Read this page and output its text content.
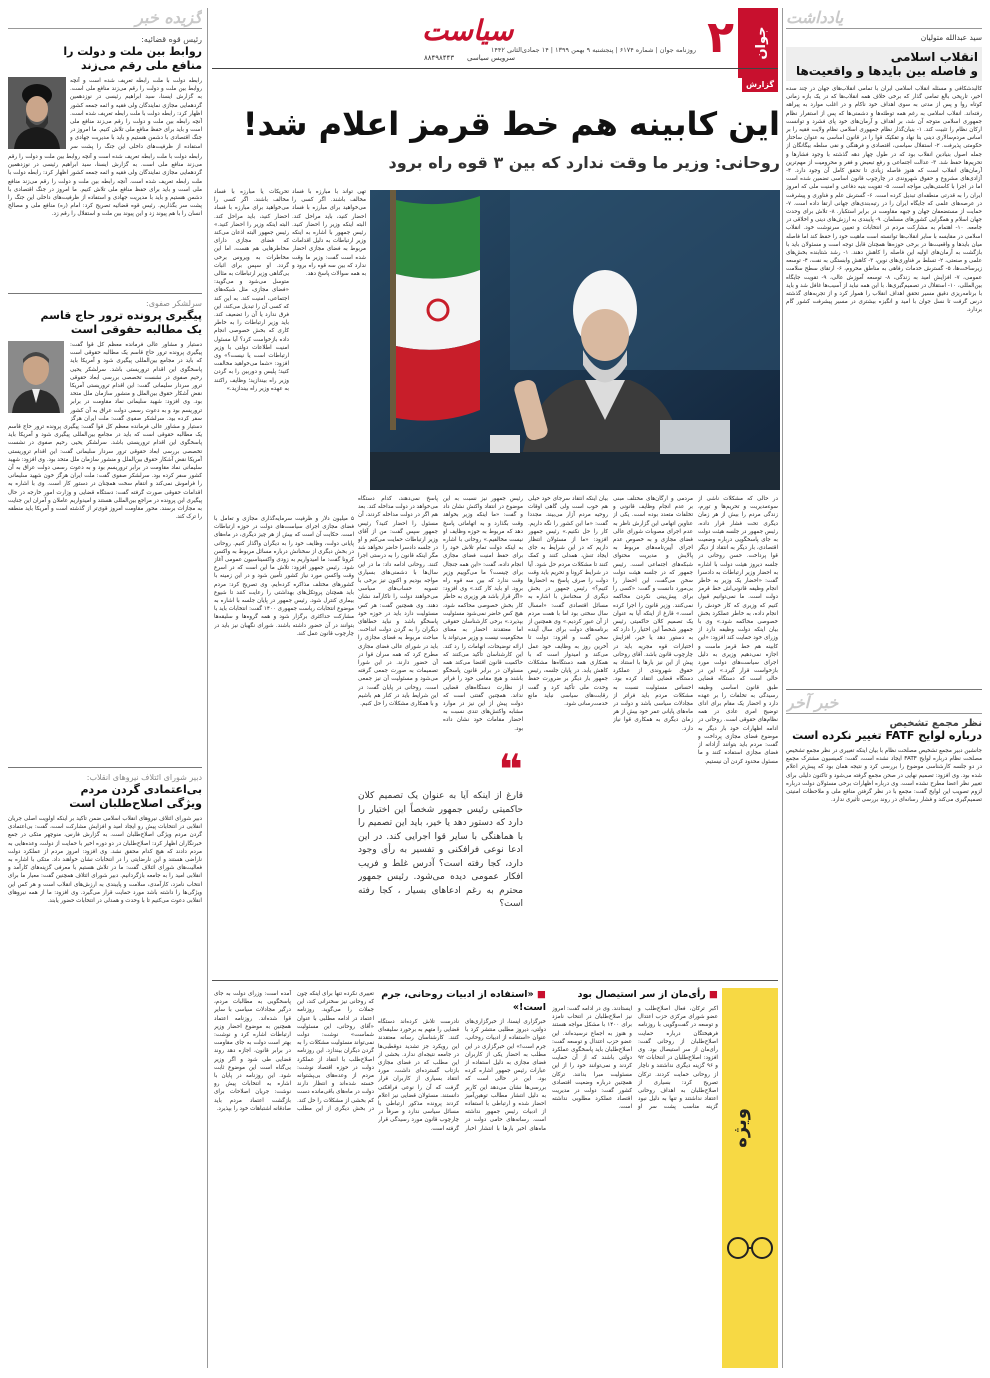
یادداشت
سید عبدالله متولیان
انقلاب اسلامی
و فاصله بین بایدها و واقعیت‌ها
کالبدشکافی و مسئله انقلاب اسلامی ایران با تمامی انقلاب‌های جهان در چند سده اخیر، تاریخی بالغ تمامی گذار که برخی خلاف همه انقلاب‌ها که در یک بازه زمانی کوتاه روا و پس از مدتی به سوی اهداف خود ناکام و در اغلب موارد به پیراهه رفته‌اند. انقلاب اسلامی به رغم همه توطئه‌ها و دشمنی‌ها که پس از استقرار نظام جمهوری اسلامی متوجه آن شد، بر اهداف و آرمان‌های خود پای فشرد و توانست ارکان نظام را تثبیت کند. ۱- بنیان‌گذار نظام جمهوری اسلامی نظام ولایت فقیه را بر اساس مردم‌سالاری دینی بنا نهاد و تفکیک قوا را در قانون اساسی به عنوان ساختار حکومتی پذیرفت. ۲- استقلال سیاسی، اقتصادی و فرهنگی و نفی سلطه بیگانگان از جمله اصول بنیادین انقلاب بود که در طول چهار دهه گذشته با وجود فشارها و تحریم‌ها حفظ شد. ۳- عدالت اجتماعی و رفع تبعیض و فقر و محرومیت از مهم‌ترین آرمان‌های انقلاب است که هنوز فاصله زیادی تا تحقق کامل آن وجود دارد. ۴- آزادی‌های مشروع و حقوق شهروندی در چارچوب قانون اساسی تضمین شده است اما در اجرا با کاستی‌هایی مواجه است. ۵- تقویت بنیه دفاعی و امنیت ملی که امروز ایران را به قدرتی منطقه‌ای تبدیل کرده است. ۶- گسترش علم و فناوری و پیشرفت در عرصه‌های علمی که جایگاه ایران را در رتبه‌بندی‌های جهانی ارتقا داده است. ۷- حمایت از مستضعفان جهان و جبهه مقاومت در برابر استکبار. ۸- تلاش برای وحدت جهان اسلام و همگرایی کشورهای مسلمان. ۹- پایبندی به ارزش‌های دینی و اخلاقی در جامعه. ۱۰- اهتمام به مشارکت مردم در انتخابات و تعیین سرنوشت خود. انقلاب اسلامی در مقایسه با سایر انقلاب‌ها توانسته است ماهیت خود را حفظ کند اما فاصله میان بایدها و واقعیت‌ها در برخی حوزه‌ها همچنان قابل توجه است و مسئولان باید با بازگشت به آرمان‌های اولیه این فاصله را کاهش دهند. ۱- رشد شتابنده بخش‌های علمی و صنعتی، ۲- تسلط بر فناوری‌های نوین، ۳- کاهش وابستگی به نفت، ۴- توسعه زیرساخت‌ها، ۵- گسترش خدمات رفاهی به مناطق محروم، ۶- ارتقای سطح سلامت عمومی، ۷- افزایش امید به زندگی، ۸- توسعه آموزش عالی، ۹- تقویت جایگاه بین‌المللی، ۱۰- استقلال در تصمیم‌گیری‌ها. با این همه نباید از آسیب‌ها غافل شد و باید با برنامه‌ریزی دقیق مسیر تحقق اهداف انقلاب را هموار کرد و از تجربه‌های گذشته درس گرفت تا نسل جوان با امید و انگیزه بیشتری در مسیر پیشرفت کشور گام بردارد.
خبر آخر
نظر مجمع تشخیص
درباره لوایح FATF تغییر نکرده است
جانشین دبیر مجمع تشخیص مصلحت نظام با بیان اینکه تغییری در نظر مجمع تشخیص مصلحت نظام درباره لوایح FATF ایجاد نشده است، گفت: کمیسیون مشترک مجمع در دو جلسه کارشناسی موضوع را بررسی کرد و نتیجه همان بود که پیش‌تر اعلام شده بود. وی افزود: تصمیم نهایی در صحن مجمع گرفته می‌شود و تاکنون دلیلی برای تغییر نظر اعضا مطرح نشده است. وی درباره اظهارات برخی مسئولان دولت درباره لزوم تصویب این لوایح گفت: مجمع با در نظر گرفتن منافع ملی و ملاحظات امنیتی تصمیم‌گیری می‌کند و فشار رسانه‌ای در روند بررسی تأثیری ندارد.
جوان
۲
روزنامه جوان | شماره ۶۱۷۴ | پنجشنبه ۹ بهمن ۱۳۹۹ | ۱۴ جمادی‌الثانی ۱۴۴۲
سیاست
سرویس سیاسی
۸۸۴۹۸۴۴۳
گزارش
این کابینه هم خط قرمز اعلام شد!
روحانی: وزیر ما وقت ندارد که بین ۳ قوه راه برود
تحریکات یا مبارزه با فساد مخالف باشند. اگر کسی را می‌خواهید برای مبارزه با فساد احضار کنید، باید مراحل کند. البته اینکه وزیر را احضار کنید.» رئیس جمهور البته اذعان می‌کند که فضای مجازی دارای مخاطرهایی هم هست، اما این مخاطرات به ویروس برخی گردد. او سپس برای اثبات بی‌گناهی وزیر ارتباطات به مثالی متوسل می‌شود و می‌گوید: «فضای مجازی، مثل شبکه‌های اجتماعی، امنیت کند. به این کند که کسی آن را تبدیل می‌کند، این فرق ندارد یا آن را تضعیف کند. باید وزیر ارتباطات را به خاطر کاری که بخش خصوصی انجام داده بازخواست کرد؟ آیا مسئول امنیت اطلاعات دولتی با وزیر ارتباطات است یا نیست؟» وی افزود: «شما می‌خواهید مخالفت کنید؛ پلیس و دوربین را به گردن وزیر راه بیندازید؛ وظایف راکنند به عهده وزیر راه بیندازید.»
تهی تواند با مبارزه با فساد مخالف باشند. اگر کسی را می‌خواهید برای مبارزه با فساد احضار کنید، باید مراحل کند. البته اینکه وزیر را احضار کنید. رئیس جمهور با اشاره به اینکه وزیر ارتباطات به دلیل اقدامات مربوط به فضای مجازی احضار شده است گفت: وزیر ما وقت ندارد که بین سه قوه راه برود و به همه سوالات پاسخ دهد.
در حالی که مشکلات ناشی از سوءمدیریت و تحریم‌ها و تورم، زندگی مردم را بیش از هر زمان دیگری تحت فشار قرار داده، رئیس جمهور در جلسه هیئت دولت به جای پاسخگویی درباره وضعیت اقتصادی، بار دیگر به انتقاد از دیگر قوا پرداخت. حسن روحانی در جلسه دیروز هیئت دولت با اشاره به احضار وزیر ارتباطات به دادسرا گفت: «احضار یک وزیر به خاطر انجام وظیفه قانونی‌اش خط قرمز دولت است. ما نمی‌توانیم قبول کنیم که وزیری که کار خودش را انجام داده، به خاطر عملکرد بخش خصوصی محاکمه شود.» وی با بیان اینکه دولت وظیفه دارد از وزرای خود حمایت کند افزود: «این کابینه هم خط قرمز ماست و اجازه نمی‌دهیم وزیری به دلیل اجرای سیاست‌های دولت مورد بازخواست قرار گیرد.» این در حالی است که دستگاه قضایی طبق قانون اساسی وظیفه رسیدگی به تخلفات را بر عهده دارد و احضار یک مقام برای ادای توضیح امری عادی در همه نظام‌های حقوقی است. روحانی در ادامه اظهارات خود بار دیگر به موضوع فضای مجازی پرداخت و گفت: مردم باید بتوانند آزادانه از فضای مجازی استفاده کنند و ما مسئول محدود کردن آن نیستیم.
مردمی و ارگان‌های مختلف مبنی بر عدم انجام وظایف قانونی و تخلفات متعدد بوده است. یکی از عناوین اتهامی این گزارش ناظر به عدم اجرای مصوبات شورای عالی فضای مجازی و به خصوص عدم اجرای آیین‌نامه‌های مربوط به پالایش و مدیریت محتوای شبکه‌های اجتماعی است. رئیس جمهور که در جلسه هیئت دولت سخن می‌گفت، این احضار را بی‌مورد دانست و گفت: «کسی را برای پیش‌بینی نکردن محاکمه نمی‌کنند. وزیر قانون را اجرا کرده است.» قارغ از اینکه آیا به عنوان یک تصمیم کلان حاکمیتی رئیس جمهور شخصاً این اختیار را دارد که به دستور دهد یا خیر، افزایش اختیارات قوه مجریه باید در چارچوب قانون باشد. آقای روحانی پیش از این نیز بارها با استناد به حقوق شهروندی از عملکرد دستگاه قضایی انتقاد کرده بود. احساس مسئولیت نسبت به مشکلات مردم باید فراتر از مجادلات سیاسی باشد و دولت در ماه‌های پایانی عمر خود بیش از هر زمان دیگری به همکاری قوا نیاز دارد.
بیان اینکه انتقاد سرجای خود خیلی هم خوب است ولی گاهی اوقات روحیه مردم آزار می‌بیند. مجددا گفت: «ما این کشور را نگه داریم. کار را حل نکنیم.» رئیس جمهور افزود: «ما از مسئولان انتظار داریم که در این شرایط به جای ایجاد تنش، همدلی کنند و کمک کنند تا مشکلات مردم حل شود. آیا در شرایط کرونا و تحریم باید وقت دولت را صرف پاسخ به احضارها کنیم؟» رئیس جمهور در بخش دیگری از سخنانش با اشاره به مسائل اقتصادی گفت: «امسال سال سختی بود اما با همت مردم از آن عبور کردیم.» وی همچنین از برنامه‌های دولت برای سال آینده سخن گفت و افزود: دولت تا آخرین روز به وظایف خود عمل می‌کند و امیدوار است که با همکاری همه دستگاه‌ها مشکلات کاهش یابد. در پایان جلسه، رئیس جمهور بار دیگر بر ضرورت حفظ وحدت ملی تأکید کرد و گفت رقابت‌های سیاسی نباید مانع خدمت‌رسانی شود.
رئیس جمهور نیز نسبت به این موضوع در انتقاد واکنش نشان داد و گفت: «ما اینکه وزیر بخواهد وقت بگذارد و به اتهاماتی پاسخ دهد که مربوط به حوزه وظایف او نیست مخالفیم.» روحانی با اشاره به اینکه دولت تمام تلاش خود را برای حفظ امنیت فضای مجازی انجام داده، گفت: «این همه جنجال برای چیست؟ ما می‌گوییم وزیر وقت ندارد که بین سه قوه راه برود. او باید کار کند.» وی افزود: «اگر قرار باشد هر وزیری به خاطر کار بخش خصوصی محاکمه شود، هیچ کس حاضر نمی‌شود مسئولیت بپذیرد.» برخی کارشناسان حقوقی اما معتقدند احضار به معنای محکومیت نیست و وزیر می‌تواند با ارائه توضیحات، اتهامات را رد کند. این کارشناسان تأکید می‌کنند که حاکمیت قانون اقتضا می‌کند همه مسئولان در برابر قانون پاسخگو باشند و هیچ مقامی خود را فراتر از نظارت دستگاه‌های قضایی نداند. همچنین گفتنی است که دولت پیش از این نیز در موارد مشابه واکنش‌های تندی نسبت به احضار مقامات خود نشان داده بود.
پاسخ نمی‌دهند، کدام دستگاه می‌خواهد در دولت مداخله کند. بعد هم اگر در دولت مداخله کردند، آن مسئول را احضار کنید؟ رئیس جمهور سپس گفت: من از آقای وزیر ارتباطات حمایت می‌کنم و او در جلسه دادسرا حاضر نخواهد شد مگر اینکه قانون را به درستی اجرا کنند. روحانی ادامه داد: ما در این سال‌ها با دشمنی‌های بسیاری مواجه بودیم و اکنون نیز برخی با تسویه حساب‌های سیاسی می‌خواهند دولت را ناکارآمد نشان دهند. وی همچنین گفت: هر کس مسئولیت دارد باید در حوزه خود پاسخگو باشد و نباید خطاهای دیگران را به گردن دولت انداخت. مباحث مربوط به فضای مجازی را باید در شورای عالی فضای مجازی مطرح کرد که همه سران قوا در آن حضور دارند. در این شورا تصمیمات به صورت جمعی گرفته می‌شود و مسئولیت آن نیز جمعی است. روحانی در پایان گفت: در این شرایط باید در کنار هم باشیم و با همکاری مشکلات را حل کنیم.
۵ میلیون دلار و ظرفیت سرمایه‌گذاری مجازی و تعامل با فضای مجازی اجرای سیاست‌های دولت در حوزه ارتباطات است. حکایت آن است که بیش از هر چیز دیگری، در ماه‌های پایانی دولت، وظایف خود را به دیگران واگذار کنیم. روحانی در بخش دیگری از سخنانش درباره مسائل مربوط به واکسن کرونا گفت: ما امیدواریم به زودی واکسیناسیون عمومی آغاز شود. رئیس جمهور افزود: تلاش ما این است که در اسرع وقت واکسن مورد نیاز کشور تأمین شود و در این زمینه با کشورهای مختلف مذاکره کرده‌ایم. وی تصریح کرد: مردم باید همچنان پروتکل‌های بهداشتی را رعایت کنند تا شیوع بیماری کنترل شود. رئیس جمهور در پایان جلسه با اشاره به موضوع انتخابات ریاست جمهوری ۱۴۰۰ گفت: انتخابات باید با مشارکت حداکثری برگزار شود و همه گروه‌ها و سلیقه‌ها بتوانند در آن حضور داشته باشند. شورای نگهبان نیز باید در چارچوب قانون عمل کند.
❝
قارغ از اینکه آیا به عنوان یک تصمیم کلان حاکمیتی رئیس جمهور شخصاً این اختیار را دارد که دستور دهد یا خیر، باید این تصمیم را با هماهنگی با سایر قوا اجرایی کند. در این ادعا نوعی فرافکنی و تفسیر به رأی وجود دارد، کجا رفته است؟ آدرس غلط و فریب افکار عمومی دیده می‌شود. رئیس جمهور محترم به رغم ادعاهای بسیار ، کجا رفته است؟
ویژه
■ رأی‌مان از سر استیصال بود
اکبر ترکان، فعال اصلاح‌طلب و عضو شورای مرکزی حزب اعتدال و توسعه در گفت‌وگویی با روزنامه فرهیختگان درباره حمایت اصلاح‌طلبان از روحانی گفت: رأی‌مان از سر استیصال بود. وی افزود: اصلاح‌طلبان در انتخابات ۹۲ و ۹۶ گزینه دیگری نداشتند و ناچار از روحانی حمایت کردند. ترکان تصریح کرد: بسیاری از اصلاح‌طلبان به اهداف روحانی اعتقاد نداشتند و تنها به دلیل نبود گزینه مناسب پشت سر او ایستادند. وی در ادامه گفت: امروز نیز اصلاح‌طلبان در انتخاب نامزد برای ۱۴۰۰ با مشکل مواجه هستند و هنوز به اجماع نرسیده‌اند. این عضو حزب اعتدال و توسعه گفت: اصلاح‌طلبان باید پاسخگوی عملکرد دولتی باشند که از آن حمایت کردند و نمی‌توانند خود را از این مسئولیت مبرا بدانند. ترکان همچنین درباره وضعیت اقتصادی کشور گفت: دولت در مدیریت اقتصاد عملکرد مطلوبی نداشته است.
■ «استفاده از ادبیات روحانی، جرم است!»
خبرگزاری ایسنا، از خبرگزاری‌های دولتی، دیروز مطلبی منتشر کرد با عنوان «استفاده از ادبیات روحانی، جرم است!» این خبرگزاری در این مطلب به احضار یکی از کاربران فضای مجازی به دلیل استفاده از عبارات رئیس جمهور اشاره کرده بود. این در حالی است که بررسی‌ها نشان می‌دهد این کاربر به دلیل انتشار مطالب توهین‌آمیز احضار شده و ارتباطی با استفاده از ادبیات رئیس جمهور نداشته است. رسانه‌های حامی دولت در ماه‌های اخیر بارها با انتشار اخبار نادرست تلاش کرده‌اند دستگاه قضایی را متهم به برخورد سلیقه‌ای کنند. کارشناسان رسانه معتقدند این رویکرد جز تشدید دوقطبی‌ها در جامعه نتیجه‌ای ندارد. بخشی از این مطلب که در فضای مجازی بازتاب گسترده‌ای داشت، مورد انتقاد بسیاری از کاربران قرار گرفت که آن را نوعی فرافکنی دانستند. مسئولان قضایی نیز اعلام کردند پرونده مذکور ارتباطی با مسائل سیاسی ندارد و صرفاً در چارچوب قانون مورد رسیدگی قرار گرفته است.
تغییری نکرده تنها برای اینکه چون که روحانی نیز سخنرانی کند، این جملات را می‌گوید. روزنامه اعتماد در ادامه مطلبی با عنوان «آقای روحانی، این مسئولیت شماست» نوشت: دولت نمی‌تواند مسئولیت مشکلات را به گردن دیگران بیندازد. این روزنامه اصلاح‌طلب با انتقاد از عملکرد دولت در حوزه اقتصاد نوشت: مردم از وعده‌های بی‌پشتوانه خسته شده‌اند و انتظار دارند دولت در ماه‌های باقی‌مانده دست کم بخشی از مشکلات را حل کند. در بخش دیگری از این مطلب آمده است: وزرای دولت به جای پاسخگویی به مطالبات مردم، درگیر مجادلات سیاسی با سایر قوا شده‌اند. روزنامه اعتماد همچنین به موضوع احضار وزیر ارتباطات اشاره کرد و نوشت: بهتر است دولت به جای مقاومت در برابر قانون، اجازه دهد روند قضایی طی شود و اگر وزیر بی‌گناه است این موضوع ثابت شود. این روزنامه در پایان با اشاره به انتخابات پیش رو نوشت: جریان اصلاحات برای بازگشت اعتماد مردم باید صادقانه اشتباهات خود را بپذیرد.
گزیده خبر
رئیس قوه قضائیه:
روابط بین ملت و دولت را
منافع ملی رقم می‌زند
رابطه دولت با ملت رابطه تعریف شده است و آنچه روابط بین ملت و دولت را رقم می‌زند منافع ملی است. به گزارش ایسنا، سید ابراهیم رئیسی در نوزدهمین گردهمایی مجازی نمایندگان ولی فقیه و ائمه جمعه کشور اظهار کرد: رابطه دولت با ملت رابطه تعریف شده است. آنچه رابطه بین ملت و دولت را رقم می‌زند منافع ملی است و باید برای حفظ منافع ملی تلاش کنیم. ما امروز در جنگ اقتصادی با دشمن هستیم و باید با مدیریت جهادی و استفاده از ظرفیت‌های داخلی این جنگ را پشت سر
رابطه دولت با ملت رابطه تعریف شده است و آنچه روابط بین ملت و دولت را رقم می‌زند منافع ملی است. به گزارش ایسنا، سید ابراهیم رئیسی در نوزدهمین گردهمایی مجازی نمایندگان ولی فقیه و ائمه جمعه کشور اظهار کرد: رابطه دولت با ملت رابطه تعریف شده است. آنچه رابطه بین ملت و دولت را رقم می‌زند منافع ملی است و باید برای حفظ منافع ملی تلاش کنیم. ما امروز در جنگ اقتصادی با دشمن هستیم و باید با مدیریت جهادی و استفاده از ظرفیت‌های داخلی این جنگ را پشت سر بگذاریم. رئیس قوه قضائیه تصریح کرد: امام (ره) منافع ملی و مصالح انسان را با هم پیوند زد و این پیوند بین ملت و استقلال را رقم زد.
سرلشکر صفوی:
پیگیری پرونده ترور حاج قاسم
یک مطالبه حقوقی است
دستیار و مشاور عالی فرمانده معظم کل قوا گفت: پیگیری پرونده ترور حاج قاسم یک مطالبه حقوقی است که باید در مجامع بین‌المللی پیگیری شود و آمریکا باید پاسخگوی این اقدام تروریستی باشد. سرلشکر یحیی رحیم صفوی در نشست تخصصی بررسی ابعاد حقوقی ترور سردار سلیمانی گفت: این اقدام تروریستی آمریکا نقض آشکار حقوق بین‌الملل و منشور سازمان ملل متحد بود. وی افزود: شهید سلیمانی نماد مقاومت در برابر تروریسم بود و به دعوت رسمی دولت عراق به آن کشور سفر کرده بود. سرلشکر صفوی گفت: ملت ایران هرگز
دستیار و مشاور عالی فرمانده معظم کل قوا گفت: پیگیری پرونده ترور حاج قاسم یک مطالبه حقوقی است که باید در مجامع بین‌المللی پیگیری شود و آمریکا باید پاسخگوی این اقدام تروریستی باشد. سرلشکر یحیی رحیم صفوی در نشست تخصصی بررسی ابعاد حقوقی ترور سردار سلیمانی گفت: این اقدام تروریستی آمریکا نقض آشکار حقوق بین‌الملل و منشور سازمان ملل متحد بود. وی افزود: شهید سلیمانی نماد مقاومت در برابر تروریسم بود و به دعوت رسمی دولت عراق به آن کشور سفر کرده بود. سرلشکر صفوی گفت: ملت ایران هرگز خون شهید سلیمانی را فراموش نمی‌کند و انتقام سخت همچنان در دستور کار است. وی با اشاره به اقدامات حقوقی صورت گرفته گفت: دستگاه قضایی و وزارت امور خارجه در حال پیگیری این پرونده در مراجع بین‌المللی هستند و امیدواریم عاملان و آمران این جنایت به مجازات برسند. محور مقاومت امروز قوی‌تر از گذشته است و آمریکا باید منطقه را ترک کند.
دبیر شورای ائتلاف نیروهای انقلاب:
بی‌اعتمادی گردن مردم
ویژگی اصلاح‌طلبان است
دبیر شورای ائتلاف نیروهای انقلاب اسلامی ضمن تأکید بر اینکه اولویت اصلی جریان انقلابی در انتخابات پیش رو ایجاد امید و افزایش مشارکت است، گفت: بی‌اعتمادی گردن مردم ویژگی اصلاح‌طلبان است. به گزارش فارس، منوچهر متکی در جمع خبرنگاران اظهار کرد: اصلاح‌طلبان در دو دوره اخیر با حمایت از دولت، وعده‌هایی به مردم دادند که هیچ کدام محقق نشد. وی افزود: امروز مردم از عملکرد دولت ناراضی هستند و این نارضایتی را در انتخابات نشان خواهند داد. متکی با اشاره به فعالیت‌های شورای ائتلاف گفت: ما در تلاش هستیم با معرفی گزینه‌های کارآمد و انقلابی امید را به جامعه بازگردانیم. دبیر شورای ائتلاف همچنین گفت: معیار ما برای انتخاب نامزد، کارآمدی، سلامت و پایبندی به ارزش‌های انقلاب است و هر کس این ویژگی‌ها را داشته باشد مورد حمایت قرار می‌گیرد. وی افزود: ما از همه نیروهای انقلابی دعوت می‌کنیم تا با وحدت و همدلی در انتخابات حضور یابند.
